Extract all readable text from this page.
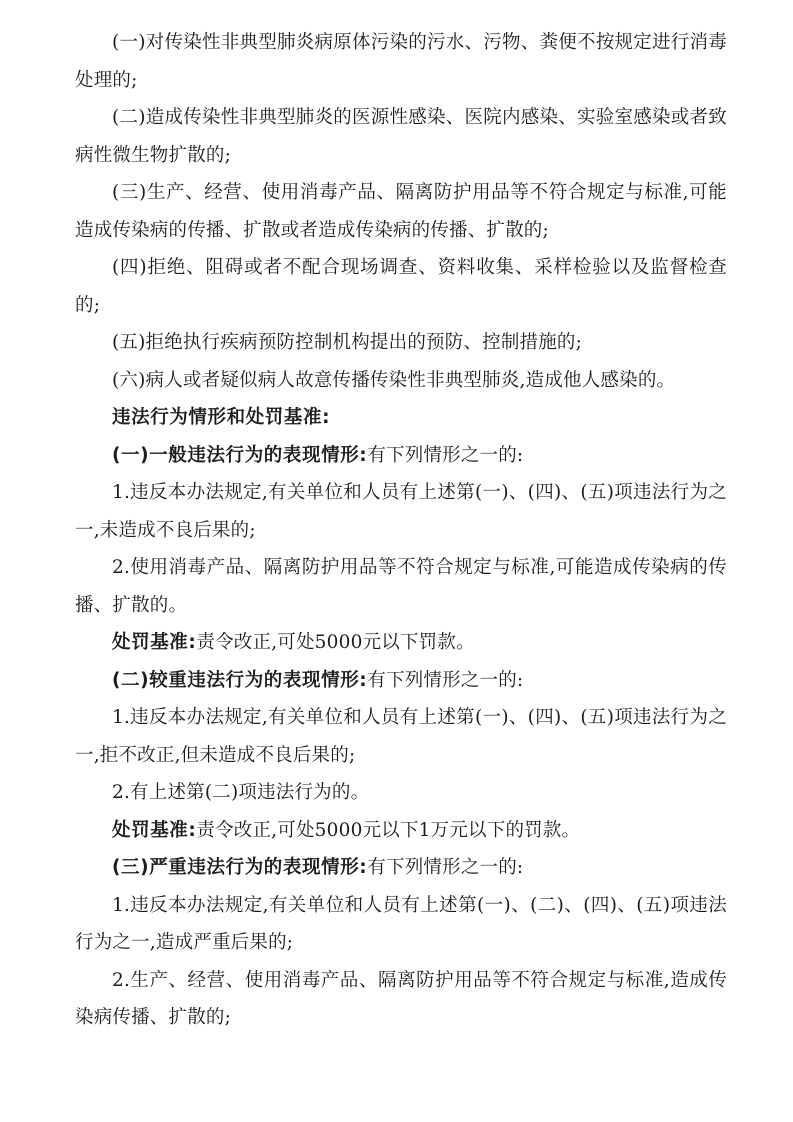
(一)对传染性非典型肺炎病原体污染的污水、污物、粪便不按规定进行消毒处理的;

(二)造成传染性非典型肺炎的医源性感染、医院内感染、实验室感染或者致病性微生物扩散的;

(三)生产、经营、使用消毒产品、隔离防护用品等不符合规定与标准,可能造成传染病的传播、扩散或者造成传染病的传播、扩散的;

(四)拒绝、阻碍或者不配合现场调查、资料收集、采样检验以及监督检查的;

(五)拒绝执行疾病预防控制机构提出的预防、控制措施的;

(六)病人或者疑似病人故意传播传染性非典型肺炎,造成他人感染的。

违法行为情形和处罚基准:

(一)一般违法行为的表现情形:有下列情形之一的:

1.违反本办法规定,有关单位和人员有上述第(一)、(四)、(五)项违法行为之一,未造成不良后果的;

2.使用消毒产品、隔离防护用品等不符合规定与标准,可能造成传染病的传播、扩散的。

处罚基准:责令改正,可处5000元以下罚款。

(二)较重违法行为的表现情形:有下列情形之一的:

1.违反本办法规定,有关单位和人员有上述第(一)、(四)、(五)项违法行为之一,拒不改正,但未造成不良后果的;

2.有上述第(二)项违法行为的。

处罚基准:责令改正,可处5000元以下1万元以下的罚款。

(三)严重违法行为的表现情形:有下列情形之一的:

1.违反本办法规定,有关单位和人员有上述第(一)、(二)、(四)、(五)项违法行为之一,造成严重后果的;

2.生产、经营、使用消毒产品、隔离防护用品等不符合规定与标准,造成传染病传播、扩散的;
